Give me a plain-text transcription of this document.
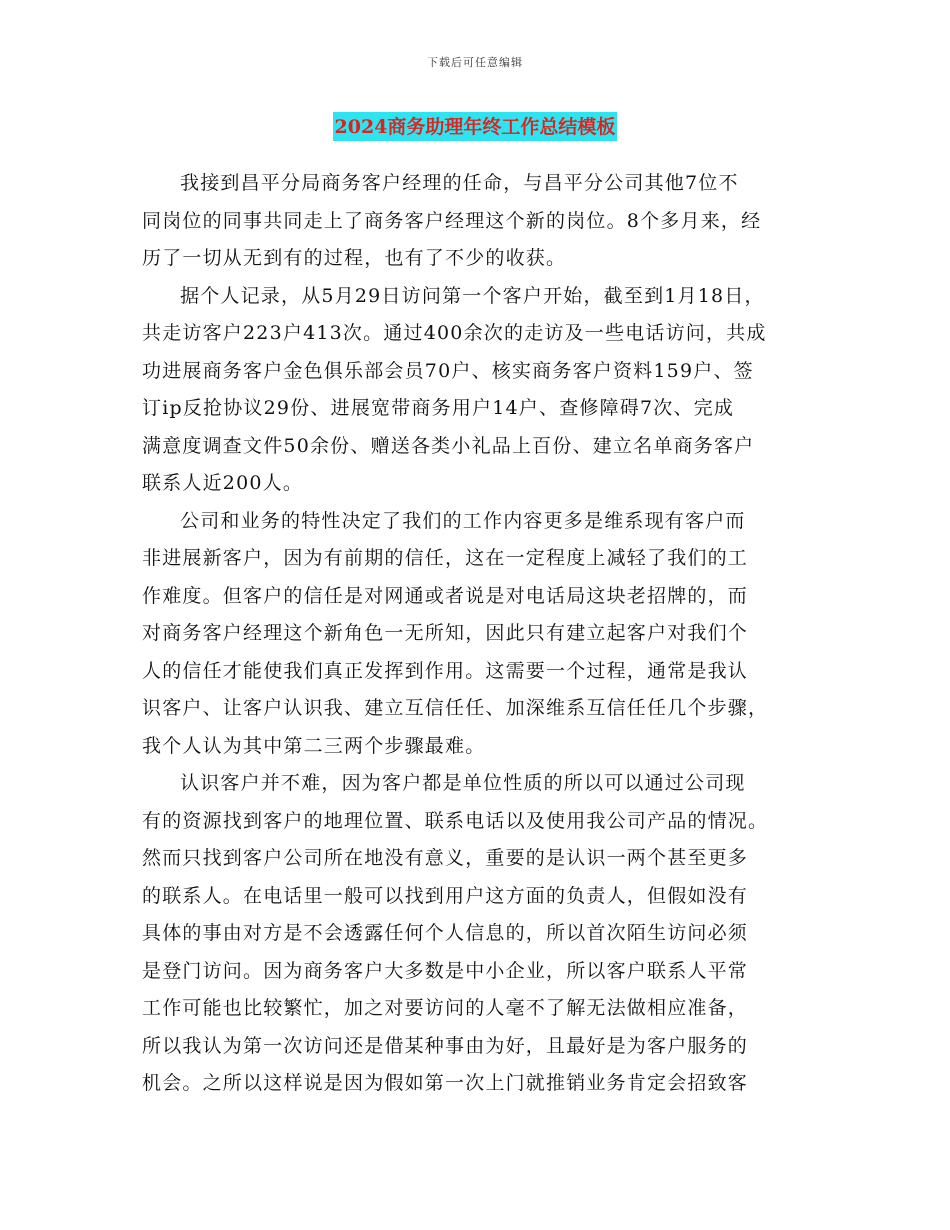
下载后可任意编辑
2024商务助理年终工作总结模板

我接到昌平分局商务客户经理的任命，与昌平分公司其他7位不
同岗位的同事共同走上了商务客户经理这个新的岗位。8个多月来，经
历了一切从无到有的过程，也有了不少的收获。

据个人记录，从5月29日访问第一个客户开始，截至到1月18日，
共走访客户223户413次。通过400余次的走访及一些电话访问，共成
功进展商务客户金色俱乐部会员70户、核实商务客户资料159户、签
订ip反抢协议29份、进展宽带商务用户14户、查修障碍7次、完成
满意度调查文件50余份、赠送各类小礼品上百份、建立名单商务客户
联系人近200人。

公司和业务的特性决定了我们的工作内容更多是维系现有客户而
非进展新客户，因为有前期的信任，这在一定程度上减轻了我们的工
作难度。但客户的信任是对网通或者说是对电话局这块老招牌的，而
对商务客户经理这个新角色一无所知，因此只有建立起客户对我们个
人的信任才能使我们真正发挥到作用。这需要一个过程，通常是我认
识客户、让客户认识我、建立互信任任、加深维系互信任任几个步骤，
我个人认为其中第二三两个步骤最难。

认识客户并不难，因为客户都是单位性质的所以可以通过公司现
有的资源找到客户的地理位置、联系电话以及使用我公司产品的情况。
然而只找到客户公司所在地没有意义，重要的是认识一两个甚至更多
的联系人。在电话里一般可以找到用户这方面的负责人，但假如没有
具体的事由对方是不会透露任何个人信息的，所以首次陌生访问必须
是登门访问。因为商务客户大多数是中小企业，所以客户联系人平常
工作可能也比较繁忙，加之对要访问的人毫不了解无法做相应准备，
所以我认为第一次访问还是借某种事由为好，且最好是为客户服务的
机会。之所以这样说是因为假如第一次上门就推销业务肯定会招致客
